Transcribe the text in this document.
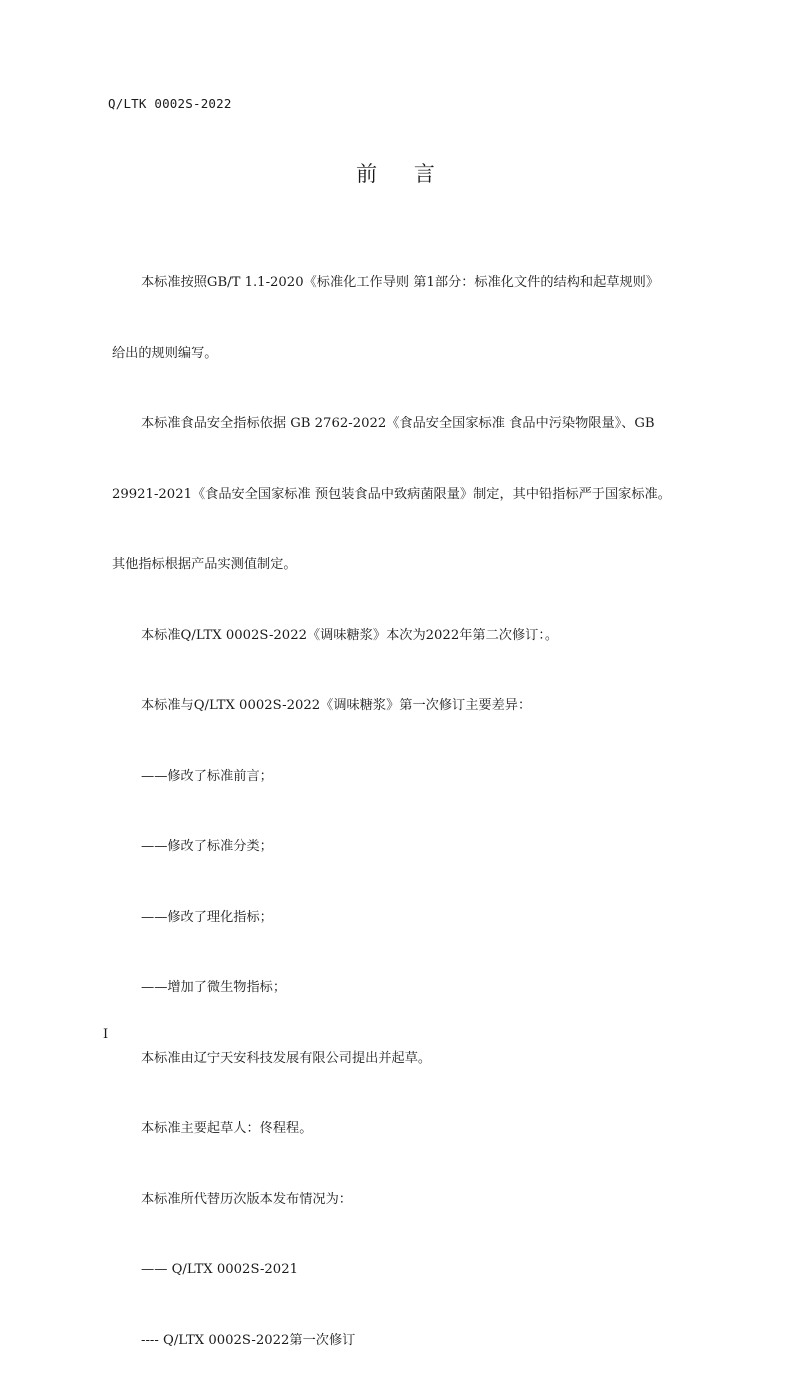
Q/LTK 0002S-2022
前    言

本标准按照GB/T 1.1-2020《标准化工作导则 第1部分：标准化文件的结构和起草规则》

给出的规则编写。

本标准食品安全指标依据 GB 2762-2022《食品安全国家标准 食品中污染物限量》、GB

29921-2021《食品安全国家标准 预包装食品中致病菌限量》制定，其中铅指标严于国家标准。

其他指标根据产品实测值制定。

本标准Q/LTX 0002S-2022《调味糖浆》本次为2022年第二次修订：。

本标准与Q/LTX 0002S-2022《调味糖浆》第一次修订主要差异：

——修改了标准前言；

——修改了标准分类；

——修改了理化指标；

——增加了微生物指标；

本标准由辽宁天安科技发展有限公司提出并起草。

本标准主要起草人：佟程程。

本标准所代替历次版本发布情况为：

—— Q/LTX 0002S-2021

---- Q/LTX 0002S-2022第一次修订

I
